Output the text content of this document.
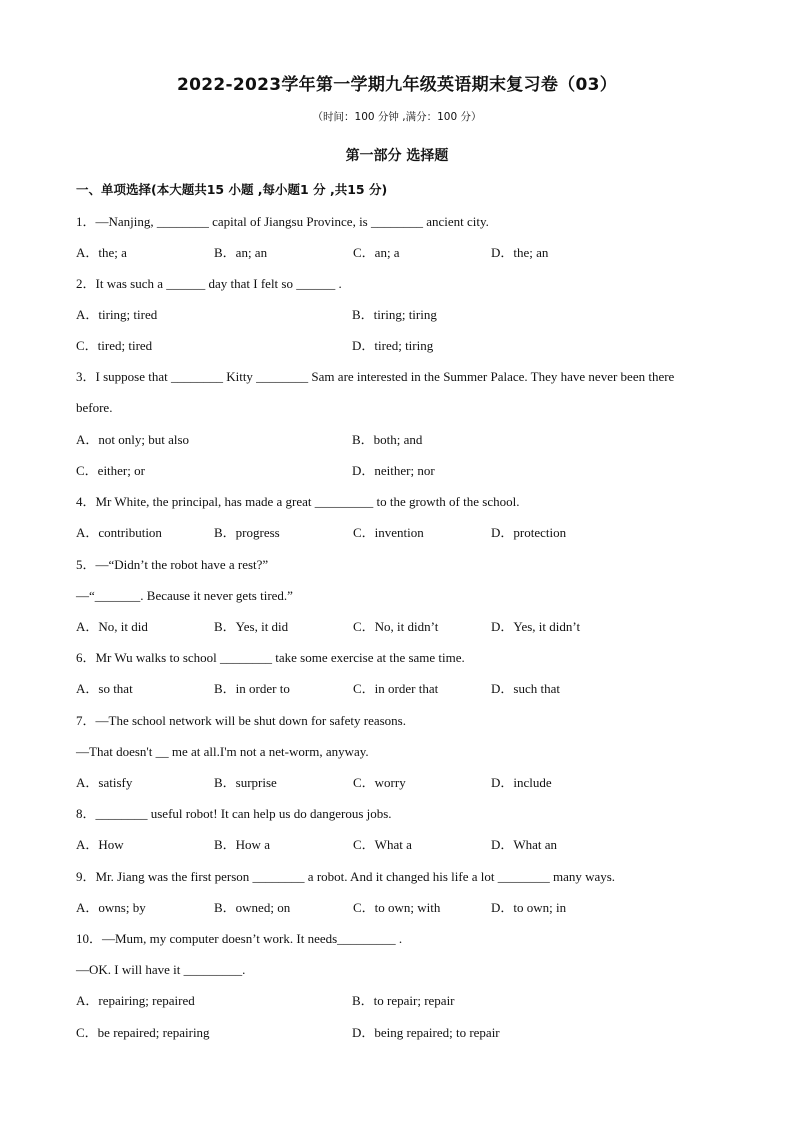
2022-2023学年第一学期九年级英语期末复习卷（03）
（时间：100 分钟 ,满分：100 分）
第一部分 选择题
一、单项选择(本大题共15 小题 ,每小题1 分 ,共15 分)
1．—Nanjing, ________ capital of Jiangsu Province, is ________ ancient city.
A．the; a	B．an; an	C．an; a	D．the; an
2．It was such a ______ day that I felt so ______ .
A．tiring; tired	B．tiring; tiring
C．tired; tired	D．tired; tiring
3．I suppose that ________ Kitty ________ Sam are interested in the Summer Palace. They have never been there
before.
A．not only; but also	B．both; and
C．either; or	D．neither; nor
4．Mr White, the principal, has made a great _________ to the growth of the school.
A．contribution	B．progress	C．invention	D．protection
5．—“Didn’t the robot have a rest?”
—“_______. Because it never gets tired.”
A．No, it did	B．Yes, it did	C．No, it didn’t	D．Yes, it didn’t
6．Mr Wu walks to school ________ take some exercise at the same time.
A．so that	B．in order to	C．in order that	D．such that
7．—The school network will be shut down for safety reasons.
—That doesn't __ me at all.I'm not a net-worm, anyway.
A．satisfy	B．surprise	C．worry	D．include
8．________ useful robot! It can help us do dangerous jobs.
A．How	B．How a	C．What a	D．What an
9．Mr. Jiang was the first person ________ a robot. And it changed his life a lot ________ many ways.
A．owns; by	B．owned; on	C．to own; with	D．to own; in
10．—Mum, my computer doesn’t work. It needs_________ .
—OK. I will have it _________.
A．repairing; repaired	B．to repair; repair
C．be repaired; repairing	D．being repaired; to repair
